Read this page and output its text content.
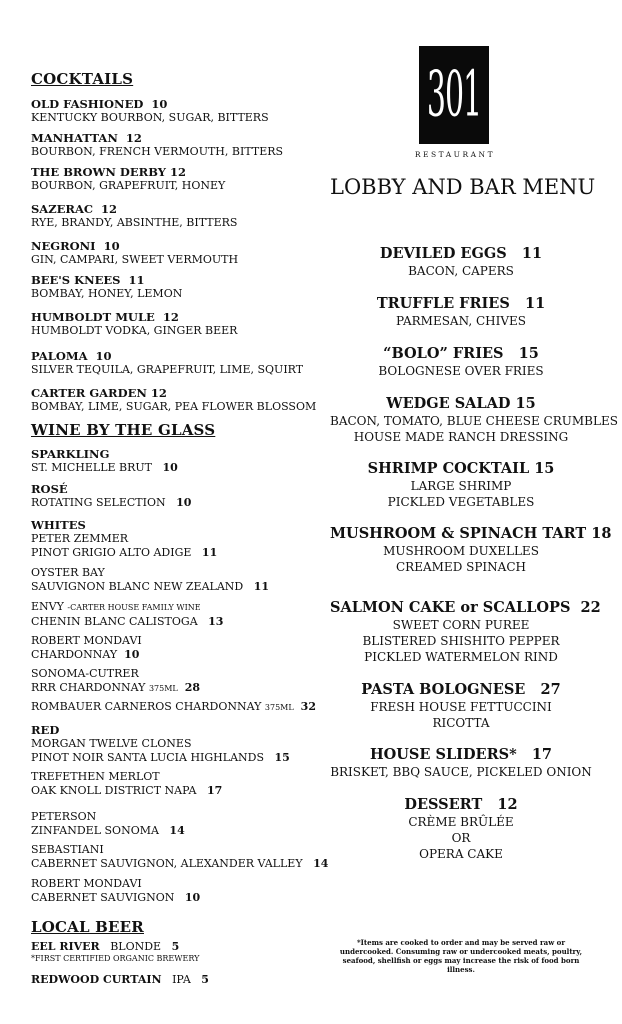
COCKTAILS
OLD FASHIONED 10
KENTUCKY BOURBON, SUGAR, BITTERS
MANHATTAN 12
BOURBON, FRENCH VERMOUTH, BITTERS
THE BROWN DERBY 12
BOURBON, GRAPEFRUIT, HONEY
SAZERAC 12
RYE, BRANDY, ABSINTHE, BITTERS
NEGRONI 10
GIN, CAMPARI, SWEET VERMOUTH
BEE'S KNEES 11
BOMBAY, HONEY, LEMON
HUMBOLDT MULE 12
HUMBOLDT VODKA, GINGER BEER
PALOMA 10
SILVER TEQUILA, GRAPEFRUIT, LIME, SQUIRT
CARTER GARDEN 12
BOMBAY, LIME, SUGAR, PEA FLOWER BLOSSOM
WINE BY THE GLASS
SPARKLING
ST. MICHELLE BRUT 10
ROSÉ
ROTATING SELECTION 10
WHITES
PETER ZEMMER
PINOT GRIGIO ALTO ADIGE 11
OYSTER BAY
SAUVIGNON BLANC NEW ZEALAND 11
ENVY -CARTER HOUSE FAMILY WINE
CHENIN BLANC CALISTOGA 13
ROBERT MONDAVI
CHARDONNAY 10
SONOMA-CUTRER
RRR CHARDONNAY 375ML 28
ROMBAUER CARNEROS CHARDONNAY 375ML 32
RED
MORGAN TWELVE CLONES
PINOT NOIR SANTA LUCIA HIGHLANDS 15
TREFETHEN MERLOT
OAK KNOLL DISTRICT NAPA 17
PETERSON
ZINFANDEL SONOMA 14
SEBASTIANI
CABERNET SAUVIGNON, ALEXANDER VALLEY 14
ROBERT MONDAVI
CABERNET SAUVIGNON 10
LOCAL BEER
EEL RIVER BLONDE 5
*FIRST CERTIFIED ORGANIC BREWERY
REDWOOD CURTAIN IPA 5
301
RESTAURANT
LOBBY AND BAR MENU
DEVILED EGGS 11
BACON, CAPERS
TRUFFLE FRIES 11
PARMESAN, CHIVES
“BOLO” FRIES 15
BOLOGNESE OVER FRIES
WEDGE SALAD 15
BACON, TOMATO, BLUE CHEESE CRUMBLES
HOUSE MADE RANCH DRESSING
SHRIMP COCKTAIL 15
LARGE SHRIMP
PICKLED VEGETABLES
MUSHROOM & SPINACH TART 18
MUSHROOM DUXELLES
CREAMED SPINACH
SALMON CAKE or SCALLOPS 22
SWEET CORN PUREE
BLISTERED SHISHITO PEPPER
PICKLED WATERMELON RIND
PASTA BOLOGNESE 27
FRESH HOUSE FETTUCCINI
RICOTTA
HOUSE SLIDERS* 17
BRISKET, BBQ SAUCE, PICKELED ONION
DESSERT 12
CRÈME BRÛLÉE
OR
OPERA CAKE
*Items are cooked to order and may be served raw or undercooked. Consuming raw or undercooked meats, poultry, seafood, shellfish or eggs may increase the risk of food born illness.
